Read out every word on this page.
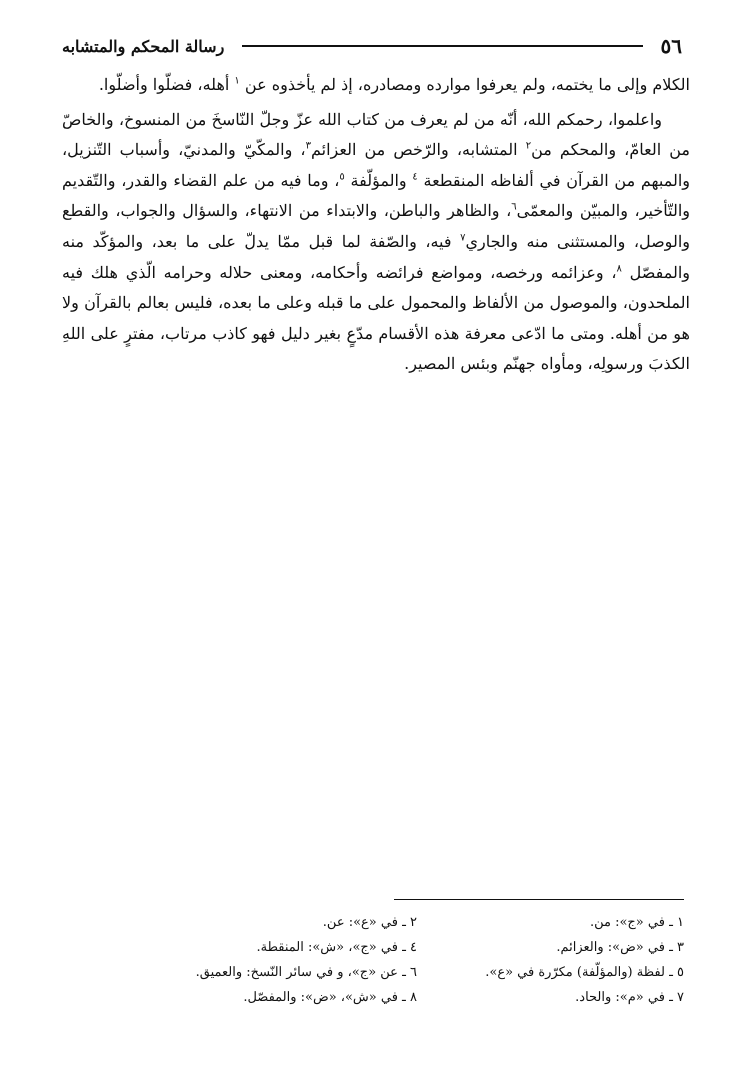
٥٦
رسالة المحكم والمتشابه

الكلام وإلى ما يختمه، ولم يعرفوا موارده ومصادره، إذ لم يأخذوه عن $^١$ أهله، فضلّوا وأضلّوا.

واعلموا، رحمكم الله، أنّه من لم يعرف من كتاب الله عزّ وجلّ النّاسخَ من المنسوخ، والخاصّ من العامّ، والمحكم من$^٢$ المتشابه، والرّخص من العزائم$^٣$، والمكّيّ والمدنيّ، وأسباب التّنزيل، والمبهم من القرآن في ألفاظه المنقطعة $^٤$ والمؤلّفة $^٥$، وما فيه من علم القضاء والقدر، والتّقديم والتّأخير، والمبيّن والمعمّى$^٦$، والظاهر والباطن، والابتداء من الانتهاء، والسؤال والجواب، والقطع والوصل، والمستثنى منه والجاري$^٧$ فيه، والصّفة لما قبل ممّا يدلّ على ما بعد، والمؤكّد منه والمفصّل $^٨$، وعزائمه ورخصه، ومواضع فرائضه وأحكامه، ومعنى حلاله وحرامه الّذي هلك فيه الملحدون، والموصول من الألفاظ والمحمول على ما قبله وعلى ما بعده، فليس بعالم بالقرآن ولا هو من أهله. ومتى ما ادّعى معرفة هذه الأقسام مدّعٍ بغير دليل فهو كاذب مرتاب، مفترٍ على اللهِ الكذبَ ورسولِه، ومأواه جهنّم وبئس المصير.

١ ـ في «ج»: من.
٢ ـ في «ع»: عن.
٣ ـ في «ض»: والعزائم.
٤ ـ في «ج»، «ش»: المنقطة.
٥ ـ لفظة (والمؤلّفة) مكرّرة في «ع».
٦ ـ عن «ج»، و في سائر النّسخ: والعميق.
٧ ـ في «م»: والحاد.
٨ ـ في «ش»، «ض»: والمفصّل.
